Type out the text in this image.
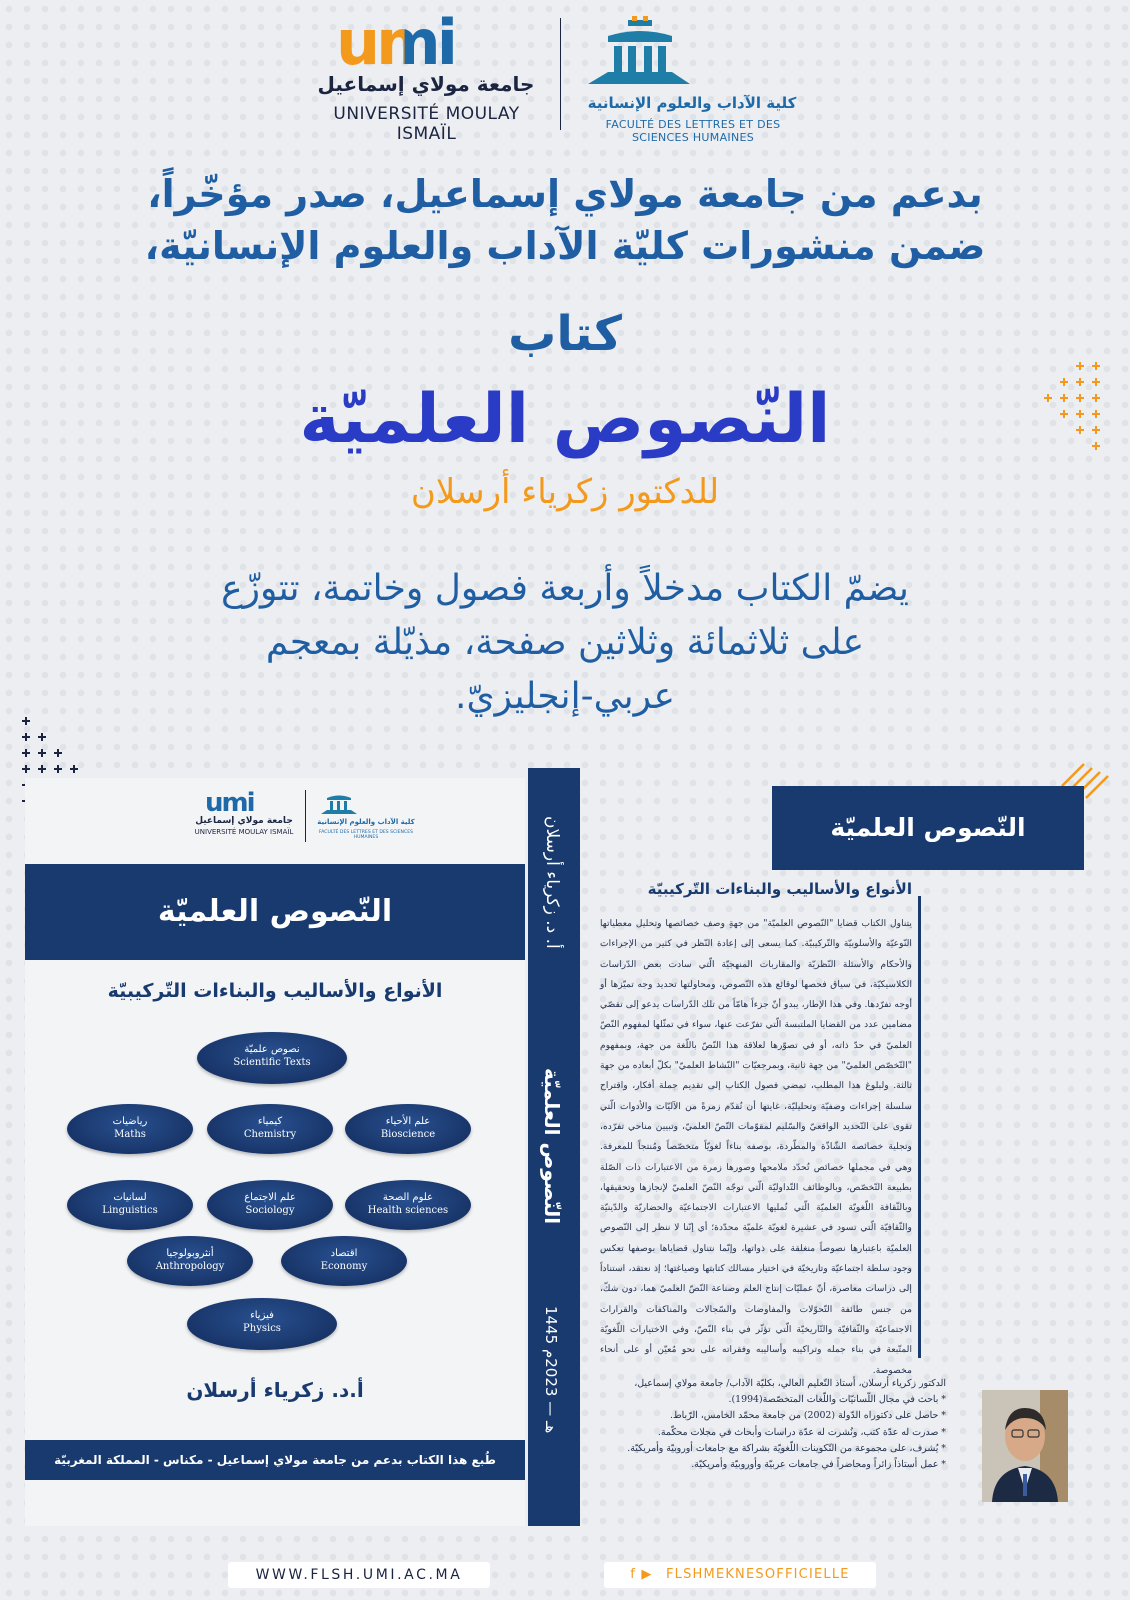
umi
جامعة مولاي إسماعيل
UNIVERSITÉ MOULAY ISMAÏL
كلية الآداب والعلوم الإنسانية
FACULTÉ DES LETTRES ET DES SCIENCES HUMAINES
بدعم من جامعة مولاي إسماعيل، صدر مؤخّراً،
ضمن منشورات كليّة الآداب والعلوم الإنسانيّة،
كتاب
النّصوص العلميّة
للدكتور زكرياء أرسلان
يضمّ الكتاب مدخلاً وأربعة فصول وخاتمة، تتوزّع
على ثلاثمائة وثلاثين صفحة، مذيّلة بمعجم
عربي-إنجليزيّ.
umi
جامعة مولاي إسماعيل
UNIVERSITÉ MOULAY ISMAÏL
كلية الآداب والعلوم الإنسانية
FACULTÉ DES LETTRES ET DES SCIENCES HUMAINES
النّصوص العلميّة
الأنواع والأساليب والبناءات التّركيبيّة
نصوص علميّة
Scientific Texts
رياضيات
Maths
كيمياء
Chemistry
علم الأحياء
Bioscience
لسانيات
Linguistics
علم الاجتماع
Sociology
علوم الصحة
Health sciences
أنثروبولوجيا
Anthropology
اقتصاد
Economy
فيزياء
Physics
أ.د. زكرياء أرسلان
طُبع هذا الكتاب بدعم من جامعة مولاي إسماعيل - مكناس - المملكة المغربيّة
أ. د. زكرياء أرسلان
النّصوص العلميّة
1445 هـ — 2023م
النّصوص العلميّة
الأنواع والأساليب والبناءات التّركيبيّة
يتناول الكتاب قضايا "النّصوص العلميّة" من جهةِ وصف خصائصها وتحليل معطياتها النّوعيّة والأسلوبيّة والتّركيبيّة. كما يسعى إلى إعادة النّظر في كثير من الإجراءات والأحكام والأسئلة النّظريّة والمقاربات المنهجيّة الّتي سادت بعض الدّراسات الكلاسيكيّة، في سياق فحصها لوقائع هذه النّصوص، ومحاولتها تحديد وجه تميّزها أو أوجه تفرّدها. وفي هذا الإطار، يبدو أنّ جزءاً هامّاً من تلك الدّراسات يدعو إلى تقصّي مضامين عدد من القضايا الملتبسة الّتي تفرّعت عنها، سواء في تمثّلها لمفهوم النّصّ العلميّ في حدّ ذاته، أو في تصوّرها لعلاقة هذا النّصّ باللّغة من جهة، وبمفهوم "التّخصّص العلميّ" من جهة ثانية، وبمرجعيّات "النّشاط العلميّ" بكلّ أبعاده من جهة ثالثة. ولبلوغ هذا المطلب، تمضي فصول الكتاب إلى تقديم جملة أفكار، واقتراح سلسلة إجراءات وصفيّة وتحليليّة، غايتها أن تُقدّم زمرةً من الآليّات والأدوات الّتي تقوى على التّحديد الواقعيّ والسّليم لمقوّمات النّصّ العلميّ، وتبيين مناحي تفرّده، وتجلية خصائصه الشّاذّة والمطّردة، بوصفه بناءاً لغويّاً متخصّصاً ومُنتجاً للمعرفة. وهي في مجملها خصائص تُحدّد ملامحها وصورها زمرة من الاعتبارات ذات الصّلة بطبيعة التّخصّص، وبالوظائف التّداوليّة الّتي توجّه النّصّ العلميّ لإنجازها وتحقيقها، وبالثّقافة اللّغويّة العلميّة الّتي تُمليها الاعتبارات الاجتماعيّة والحضاريّة والدّينيّة والثّقافيّة الّتي تسود في عشيرة لغويّة علميّة محدّدة؛ أي إنّنا لا ننظر إلى النّصوص العلميّة باعتبارها نصوصاً منغلقة على ذواتها، وإنّما نتناول قضاياها بوصفها تعكس وجود سلطة اجتماعيّة وتاريخيّة في اختيار مسالك كتابتها وصياغتها؛ إذ نعتقد، استناداً إلى دراسات معاصرة، أنّ عمليّات إنتاج العلم وصناعة النّصّ العلميّ هما، دون شكّ، من جنس طائفة التّحوّلات والمفاوضات والسّجالات والمناكفات والقرارات الاجتماعيّة والثّقافيّة والتّاريخيّة الّتي تؤثّر في بناء النّصّ، وفي الاختيارات اللّغويّة المتّبعة في بناء جمله وتراكيبه وأساليبه وفقراته على نحو مُعيّن أو على أنحاء مخصوصة.
الدكتور زكرياء أرسلان، أستاذ التّعليم العالي، بكليّة الآداب/ جامعة مولاي إسماعيل،
* باحث في مجال اللّسانيّات واللّغات المتخصّصة(1994).
* حاصل على دكتوراه الدّولة (2002) من جامعة محمّد الخامس، الرّباط.
* صدرت له عدّة كتب، ونُشرت له عدّة دراسات وأبحاث في مجلات محكّمة.
* يُشرف، على مجموعة من التّكوينات اللّغويّة بشراكة مع جامعات أوروبيّة وأمريكيّة.
* عمل أستاذاً زائراً ومحاضراً في جامعات عربيّة وأوروبيّة وأمريكيّة.
WWW.FLSH.UMI.AC.MA	f ▶ FLSHMEKNESOFFICIELLE
